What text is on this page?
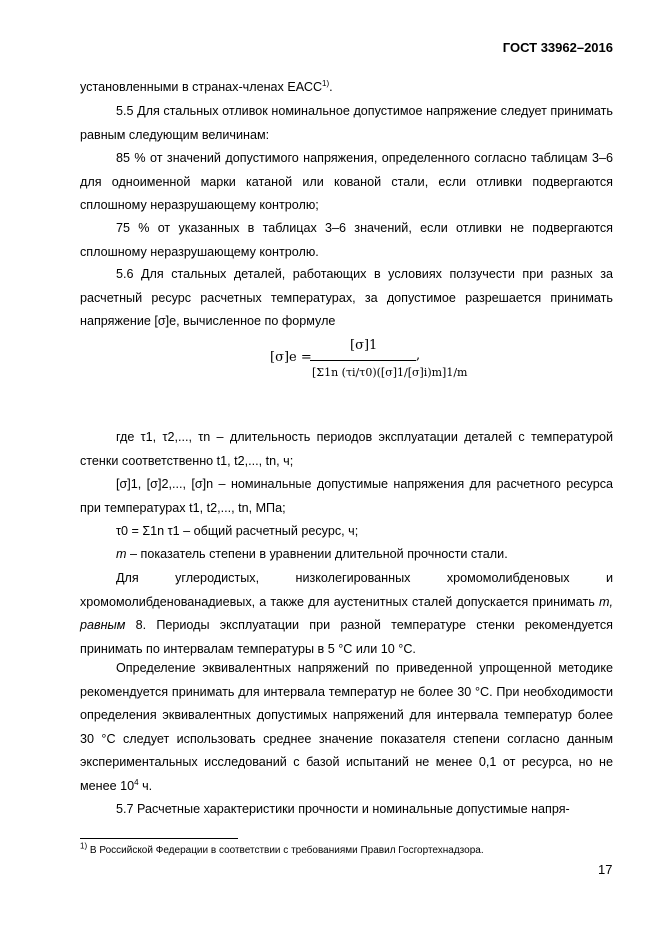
ГОСТ 33962–2016

установленными в странах-членах ЕАСС$^{1)}$.

5.5 Для стальных отливок номинальное допустимое напряжение следует принимать равным следующим величинам:

85 % от значений допустимого напряжения, определенного согласно таблицам 3–6 для одноименной марки катаной или кованой стали, если отливки подвергаются сплошному неразрушающему контролю;

75 % от указанных в таблицах 3–6 значений, если отливки не подвергаются сплошному неразрушающему контролю.

5.6 Для стальных деталей, работающих в условиях ползучести при разных за расчетный ресурс расчетных температурах, за допустимое разрешается принимать напряжение [σ]e, вычисленное по формуле

[σ]e =
[σ]1
[Σ1n (τi/τ0)([σ]1/[σ]i)m]1/m
,

где τ1, τ2,..., τn – длительность периодов эксплуатации деталей с температурой стенки соответственно t1, t2,..., tn, ч;

[σ]1, [σ]2,..., [σ]n – номинальные допустимые напряжения для расчетного ресурса при температурах t1, t2,..., tn, МПа;

τ0 = Σ1n τ1 – общий расчетный ресурс, ч;

m – показатель степени в уравнении длительной прочности стали.

Для углеродистых, низколегированных хромомолибденовых и хромомолибденованадиевых, а также для аустенитных сталей допускается принимать m, равным 8. Периоды эксплуатации при разной температуре стенки рекомендуется принимать по интервалам температуры в 5 °С или 10 °С.

Определение эквивалентных напряжений по приведенной упрощенной методике рекомендуется принимать для интервала температур не более 30 °С. При необходимости определения эквивалентных допустимых напряжений для интервала температур более 30 °С следует использовать среднее значение показателя степени согласно данным экспериментальных исследований с базой испытаний не менее 0,1 от ресурса, но не менее $10^4$ ч.

5.7 Расчетные характеристики прочности и номинальные допустимые напря-

$^{1)}$ В Российской Федерации в соответствии с требованиями Правил Госгортехнадзора.
17
